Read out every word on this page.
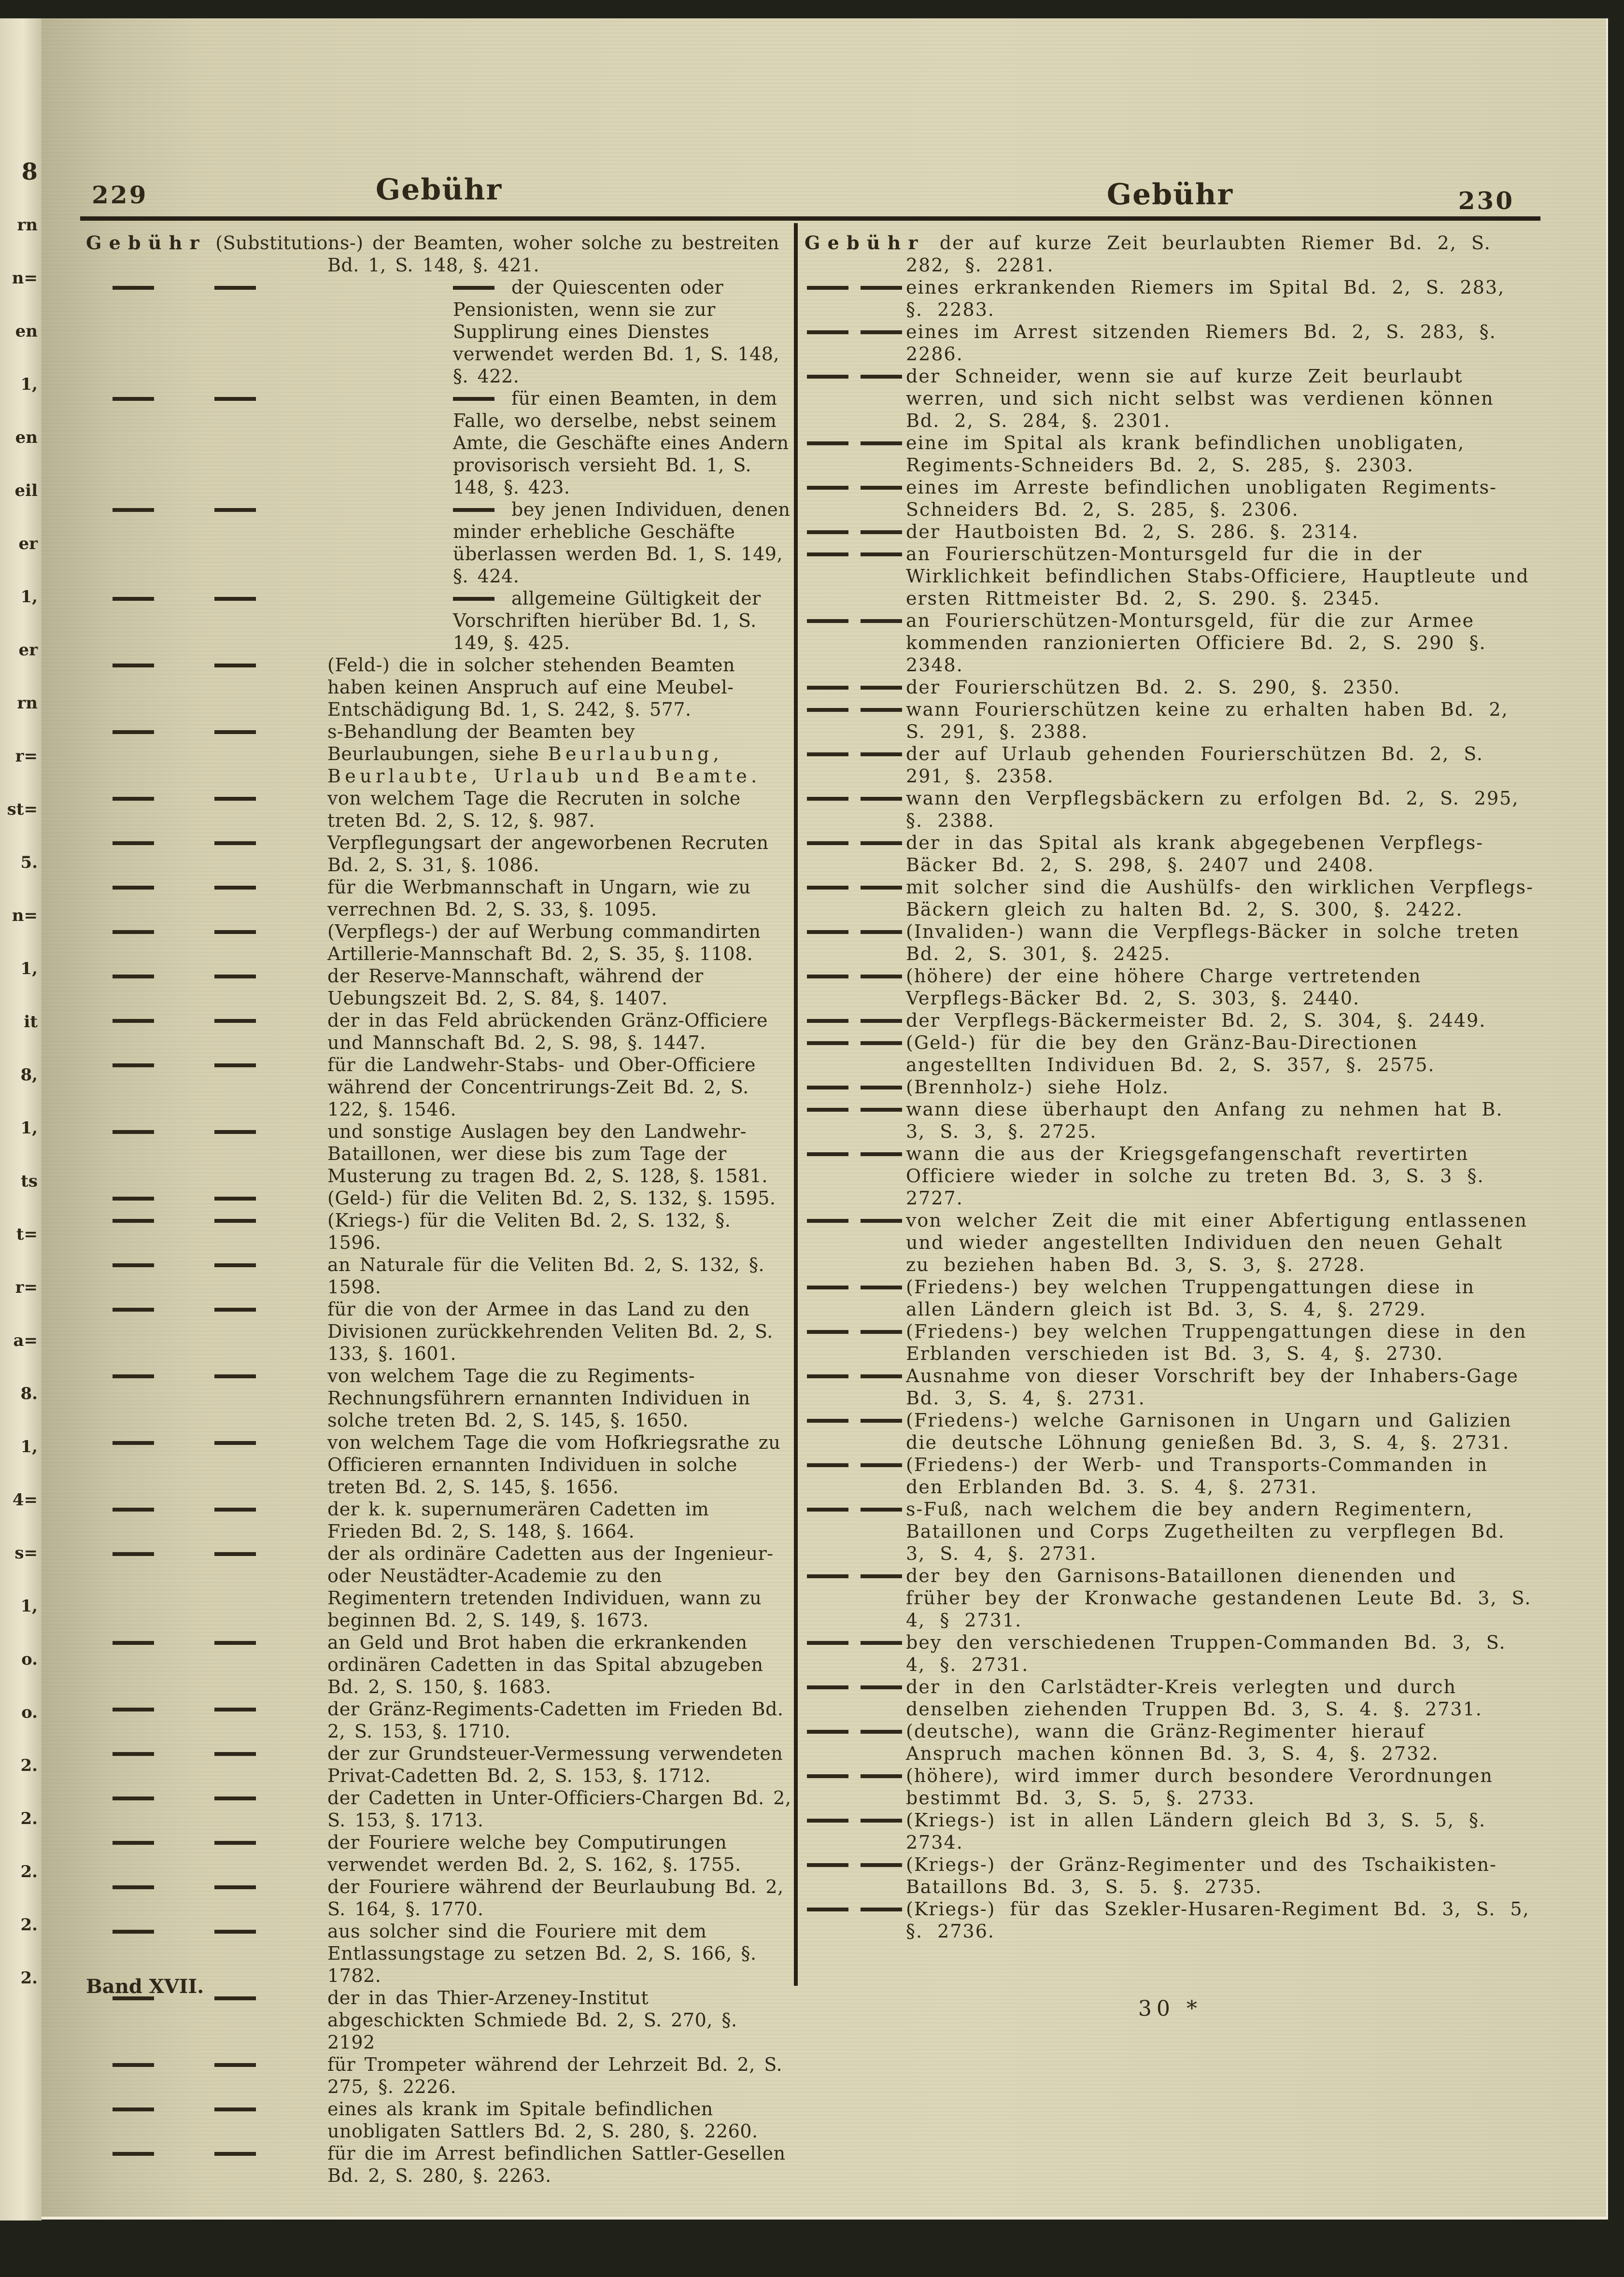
8
rn
n=
en
1,
en
eil
er
1,
er
rn
r=
st=
5.
n=
1,
it
8,
1,
ts
t=
r=
a=
8.
1,
4=
s=
1,
o.
o.
2.
2.
2.
2.
2.
229	Gebühr	Gebühr	230
Gebühr (Substitutions-) der Beamten, woher solche zu bestreiten Bd. 1, S. 148, §. 421.
der Quiescenten oder Pensionisten, wenn sie zur Supplirung eines Dienstes verwendet werden Bd. 1, S. 148, §. 422.
für einen Beamten, in dem Falle, wo derselbe, nebst seinem Amte, die Geschäfte eines Andern provisorisch versieht Bd. 1, S. 148, §. 423.
bey jenen Individuen, denen minder erhebliche Geschäfte überlassen werden Bd. 1, S. 149, §. 424.
allgemeine Gültigkeit der Vorschriften hierüber Bd. 1, S. 149, §. 425.
(Feld-) die in solcher stehenden Beamten haben keinen Anspruch auf eine Meubel-Entschädigung Bd. 1, S. 242, §. 577.
s-Behandlung der Beamten bey Beurlaubungen, siehe Beurlaubung, Beurlaubte, Urlaub und Beamte.
von welchem Tage die Recruten in solche treten Bd. 2, S. 12, §. 987.
Verpflegungsart der angeworbenen Recruten Bd. 2, S. 31, §. 1086.
für die Werbmannschaft in Ungarn, wie zu verrechnen Bd. 2, S. 33, §. 1095.
(Verpflegs-) der auf Werbung commandirten Artillerie-Mannschaft Bd. 2, S. 35, §. 1108.
der Reserve-Mannschaft, während der Uebungszeit Bd. 2, S. 84, §. 1407.
der in das Feld abrückenden Gränz-Officiere und Mannschaft Bd. 2, S. 98, §. 1447.
für die Landwehr-Stabs- und Ober-Officiere während der Concentrirungs-Zeit Bd. 2, S. 122, §. 1546.
und sonstige Auslagen bey den Landwehr-Bataillonen, wer diese bis zum Tage der Musterung zu tragen Bd. 2, S. 128, §. 1581.
(Geld-) für die Veliten Bd. 2, S. 132, §. 1595.
(Kriegs-) für die Veliten Bd. 2, S. 132, §. 1596.
an Naturale für die Veliten Bd. 2, S. 132, §. 1598.
für die von der Armee in das Land zu den Divisionen zurückkehrenden Veliten Bd. 2, S. 133, §. 1601.
von welchem Tage die zu Regiments-Rechnungsführern ernannten Individuen in solche treten Bd. 2, S. 145, §. 1650.
von welchem Tage die vom Hofkriegsrathe zu Officieren ernannten Individuen in solche treten Bd. 2, S. 145, §. 1656.
der k. k. supernumerären Cadetten im Frieden Bd. 2, S. 148, §. 1664.
der als ordinäre Cadetten aus der Ingenieur- oder Neustädter-Academie zu den Regimentern tretenden Individuen, wann zu beginnen Bd. 2, S. 149, §. 1673.
an Geld und Brot haben die erkrankenden ordinären Cadetten in das Spital abzugeben Bd. 2, S. 150, §. 1683.
der Gränz-Regiments-Cadetten im Frieden Bd. 2, S. 153, §. 1710.
der zur Grundsteuer-Vermessung verwendeten Privat-Cadetten Bd. 2, S. 153, §. 1712.
der Cadetten in Unter-Officiers-Chargen Bd. 2, S. 153, §. 1713.
der Fouriere welche bey Computirungen verwendet werden Bd. 2, S. 162, §. 1755.
der Fouriere während der Beurlaubung Bd. 2, S. 164, §. 1770.
aus solcher sind die Fouriere mit dem Entlassungstage zu setzen Bd. 2, S. 166, §. 1782.
der in das Thier-Arzeney-Institut abgeschickten Schmiede Bd. 2, S. 270, §. 2192
für Trompeter während der Lehrzeit Bd. 2, S. 275, §. 2226.
eines als krank im Spitale befindlichen unobligaten Sattlers Bd. 2, S. 280, §. 2260.
für die im Arrest befindlichen Sattler-Gesellen Bd. 2, S. 280, §. 2263.
Gebühr der auf kurze Zeit beurlaubten Riemer Bd. 2, S. 282, §. 2281.
eines erkrankenden Riemers im Spital Bd. 2, S. 283, §. 2283.
eines im Arrest sitzenden Riemers Bd. 2, S. 283, §. 2286.
der Schneider, wenn sie auf kurze Zeit beurlaubt werren, und sich nicht selbst was verdienen können Bd. 2, S. 284, §. 2301.
eine im Spital als krank befindlichen unobligaten, Regiments-Schneiders Bd. 2, S. 285, §. 2303.
eines im Arreste befindlichen unobligaten Regiments-Schneiders Bd. 2, S. 285, §. 2306.
der Hautboisten Bd. 2, S. 286. §. 2314.
an Fourierschützen-Montursgeld fur die in der Wirklichkeit befindlichen Stabs-Officiere, Hauptleute und ersten Rittmeister Bd. 2, S. 290. §. 2345.
an Fourierschützen-Montursgeld, für die zur Armee kommenden ranzionierten Officiere Bd. 2, S. 290 §. 2348.
der Fourierschützen Bd. 2. S. 290, §. 2350.
wann Fourierschützen keine zu erhalten haben Bd. 2, S. 291, §. 2388.
der auf Urlaub gehenden Fourierschützen Bd. 2, S. 291, §. 2358.
wann den Verpflegsbäckern zu erfolgen Bd. 2, S. 295, §. 2388.
der in das Spital als krank abgegebenen Verpflegs-Bäcker Bd. 2, S. 298, §. 2407 und 2408.
mit solcher sind die Aushülfs- den wirklichen Verpflegs-Bäckern gleich zu halten Bd. 2, S. 300, §. 2422.
(Invaliden-) wann die Verpflegs-Bäcker in solche treten Bd. 2, S. 301, §. 2425.
(höhere) der eine höhere Charge vertretenden Verpflegs-Bäcker Bd. 2, S. 303, §. 2440.
der Verpflegs-Bäckermeister Bd. 2, S. 304, §. 2449.
(Geld-) für die bey den Gränz-Bau-Directionen angestellten Individuen Bd. 2, S. 357, §. 2575.
(Brennholz-) siehe Holz.
wann diese überhaupt den Anfang zu nehmen hat B. 3, S. 3, §. 2725.
wann die aus der Kriegsgefangenschaft revertirten Officiere wieder in solche zu treten Bd. 3, S. 3 §. 2727.
von welcher Zeit die mit einer Abfertigung entlassenen und wieder angestellten Individuen den neuen Gehalt zu beziehen haben Bd. 3, S. 3, §. 2728.
(Friedens-) bey welchen Truppengattungen diese in allen Ländern gleich ist Bd. 3, S. 4, §. 2729.
(Friedens-) bey welchen Truppengattungen diese in den Erblanden verschieden ist Bd. 3, S. 4, §. 2730.
Ausnahme von dieser Vorschrift bey der Inhabers-Gage Bd. 3, S. 4, §. 2731.
(Friedens-) welche Garnisonen in Ungarn und Galizien die deutsche Löhnung genießen Bd. 3, S. 4, §. 2731.
(Friedens-) der Werb- und Transports-Commanden in den Erblanden Bd. 3. S. 4, §. 2731.
s-Fuß, nach welchem die bey andern Regimentern, Bataillonen und Corps Zugetheilten zu verpflegen Bd. 3, S. 4, §. 2731.
der bey den Garnisons-Bataillonen dienenden und früher bey der Kronwache gestandenen Leute Bd. 3, S. 4, § 2731.
bey den verschiedenen Truppen-Commanden Bd. 3, S. 4, §. 2731.
der in den Carlstädter-Kreis verlegten und durch denselben ziehenden Truppen Bd. 3, S. 4. §. 2731.
(deutsche), wann die Gränz-Regimenter hierauf Anspruch machen können Bd. 3, S. 4, §. 2732.
(höhere), wird immer durch besondere Verordnungen bestimmt Bd. 3, S. 5, §. 2733.
(Kriegs-) ist in allen Ländern gleich Bd 3, S. 5, §. 2734.
(Kriegs-) der Gränz-Regimenter und des Tschaikisten-Bataillons Bd. 3, S. 5. §. 2735.
(Kriegs-) für das Szekler-Husaren-Regiment Bd. 3, S. 5, §. 2736.
Band XVII.
30 *
